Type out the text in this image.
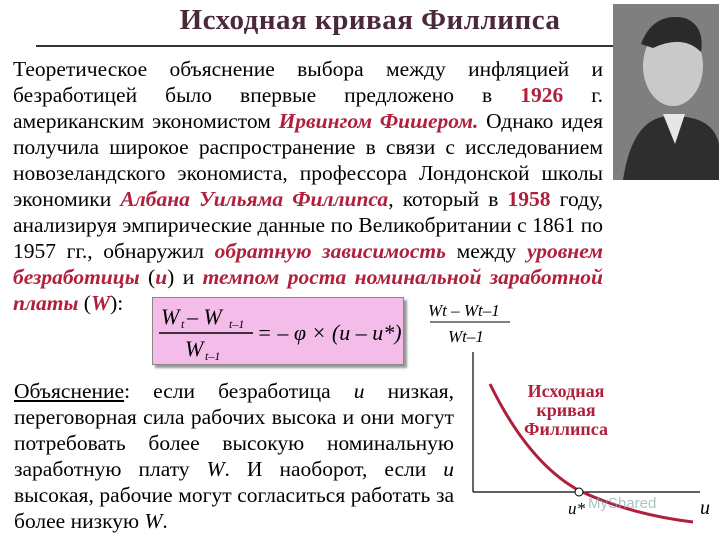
Исходная кривая Филлипса
Теоретическое объяснение выбора между инфляцией и безработицей было впервые предложено в 1926 г. американским экономистом Ирвингом Фишером. Однако идея получила широкое распространение в связи с исследованием новозеландского экономиста, профессора Лондонской школы экономики Албана Уильяма Филлипса, который в 1958 году, анализируя эмпирические данные по Великобритании с 1861 по 1957 гг., обнаружил обратную зависимость между уровнем безработицы (u) и темпом роста номинальной заработной платы (W):
W t – W t–1
W t–1
= – φ × (u – u*)
Объяснение: если безработица u низкая, переговорная сила рабочих высока и они могут потребовать более высокую номинальную заработную плату W. И наоборот, если u высокая, рабочие могут согласиться работать за более низкую W.
Wt – Wt–1
Wt–1
u*	u
Исходная кривая Филлипса
MyShared
